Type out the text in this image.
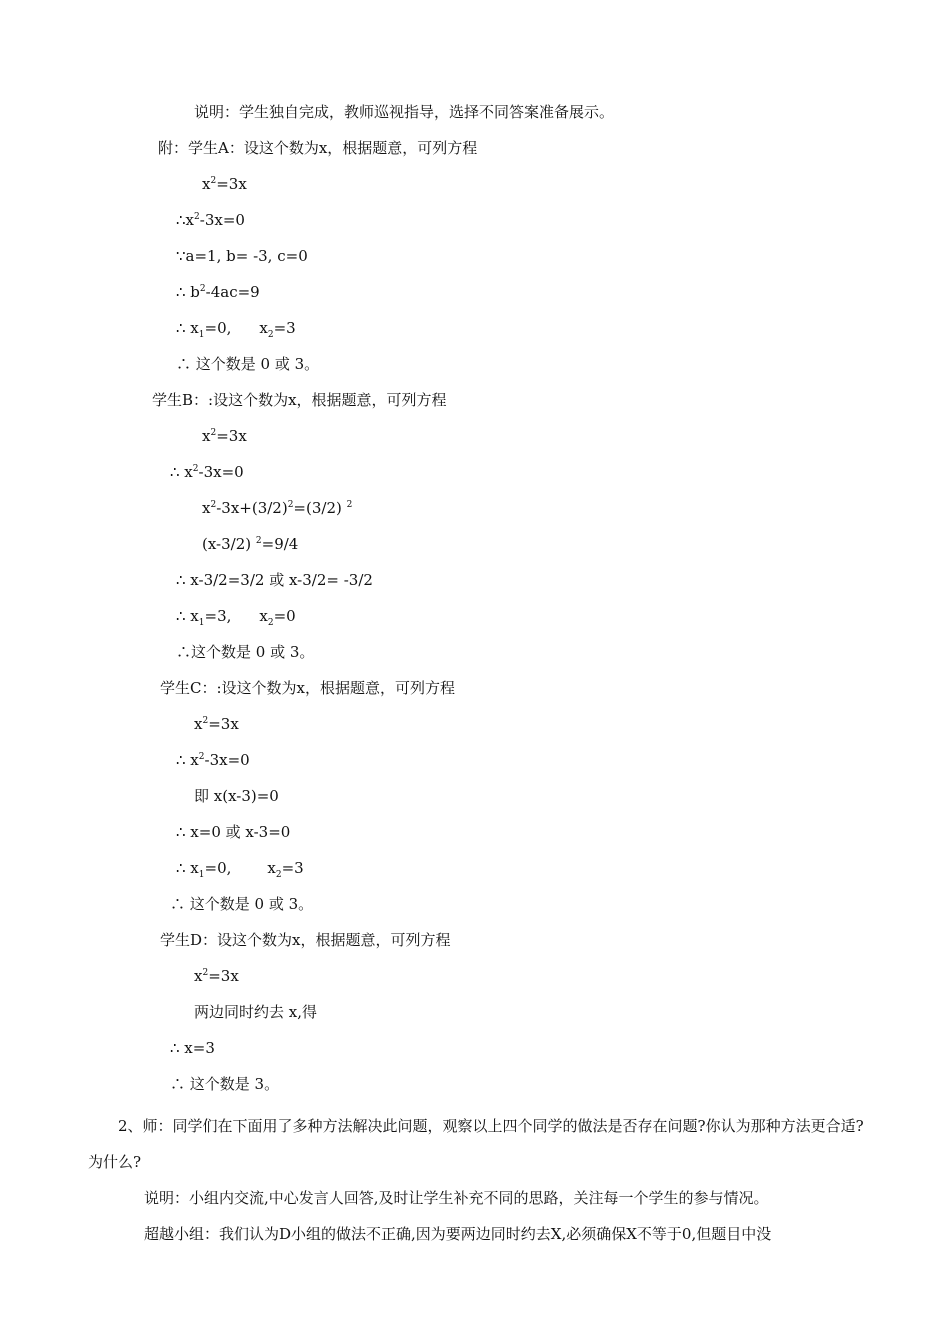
说明：学生独自完成，教师巡视指导，选择不同答案准备展示。
附：学生A：设这个数为x，根据题意，可列方程
$x^2=3x$
$\therefore x^2-3x=0$
∵a=1, b= -3, c=0
∴ $b^2-4ac=9$
∴ $x_1=0$, $x_2=3$
∴ 这个数是 0 或 3。
学生B：:设这个数为x，根据题意，可列方程
$x^2=3x$
∴ $x^2-3x=0$
$x^2-3x+(3/2)^2=(3/2)$ $^2$
(x-3/2) $^2$=9/4
∴ x-3/2=3/2 或 x-3/2= -3/2
∴ $x_1=3$, $x_2=0$
∴这个数是 0 或 3。
学生C：:设这个数为x，根据题意，可列方程
$x^2=3x$
∴ $x^2-3x=0$
即 x(x-3)=0
∴ x=0 或 x-3=0
∴ $x_1=0$, $x_2=3$
∴ 这个数是 0 或 3。
学生D：设这个数为x，根据题意，可列方程
$x^2=3x$
两边同时约去 x,得
∴ x=3
∴ 这个数是 3。
2、师：同学们在下面用了多种方法解决此问题，观察以上四个同学的做法是否存在问题?你认为那种方法更合适?为什么?
说明：小组内交流,中心发言人回答,及时让学生补充不同的思路，关注每一个学生的参与情况。
超越小组：我们认为D小组的做法不正确,因为要两边同时约去X,必须确保X不等于0,但题目中没
